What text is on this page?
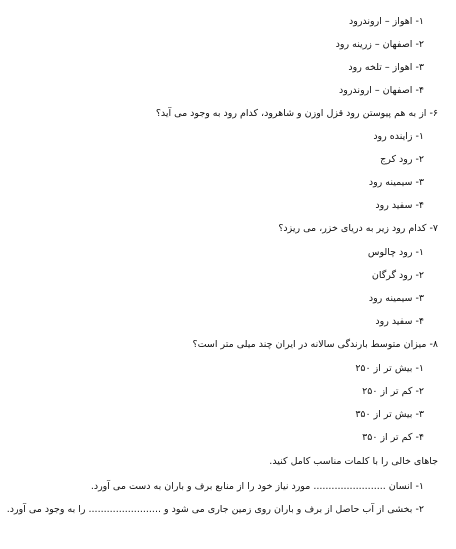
۱- اهواز – اروندرود
۲- اصفهان – زرینه رود
۳- اهواز – تلخه رود
۴- اصفهان – اروندرود
۶- از به هم پیوستن رود قزل اوزن و شاهرود، کدام رود به وجود می آید؟
۱- زاینده رود
۲- رود کرج
۳- سیمینه رود
۴- سفید رود
۷- کدام رود زیر به دریای خزر، می ریزد؟
۱- رود چالوس
۲- رود گرگان
۳- سیمینه رود
۴- سفید رود
۸- میزان متوسط بارندگی سالانه در ایران چند میلی متر است؟
۱- بیش تر از ۲۵۰
۲- کم تر از ۲۵۰
۳- بیش تر از ۳۵۰
۴- کم تر از ۳۵۰
جاهای خالی را با کلمات مناسب کامل کنید.
۱- انسان ........................ مورد نیاز خود را از منابع برف و باران به دست می آورد.
۲- بخشی از آب حاصل از برف و باران روی زمین جاری می شود و ........................ را به وجود می آورد.
